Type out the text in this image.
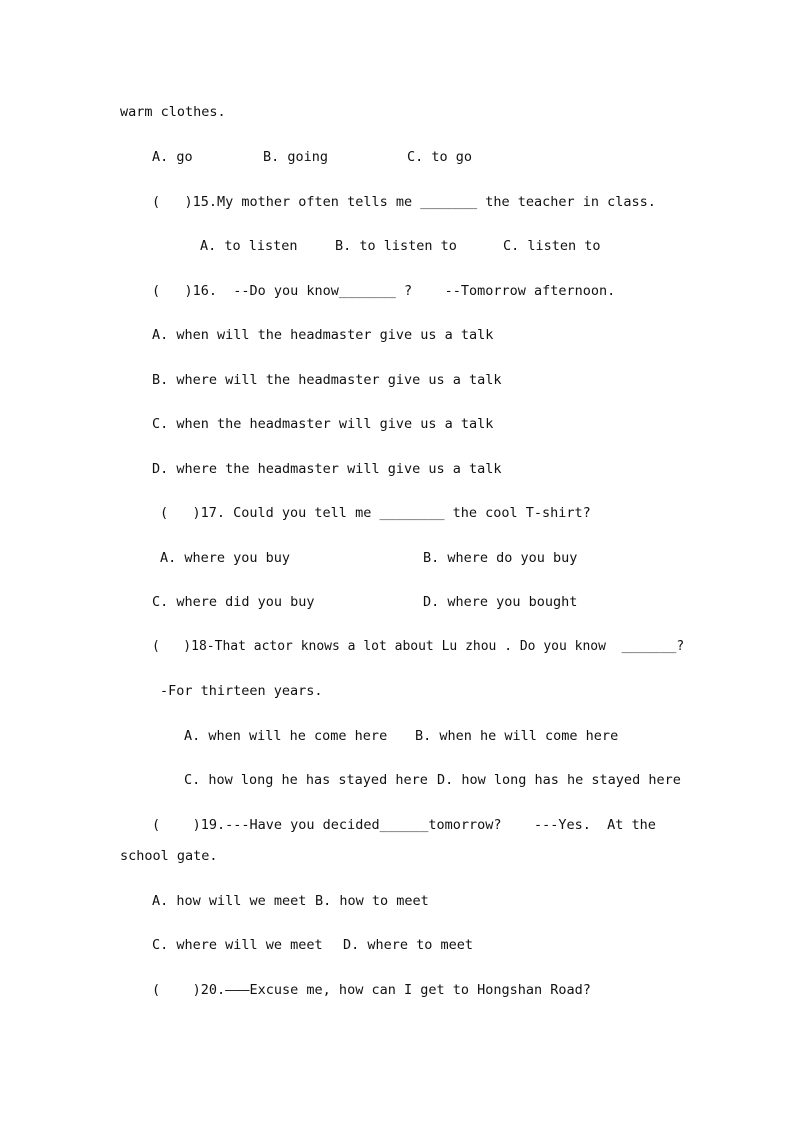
warm clothes.
A. go	B. going	C. to go
(   )15.My mother often tells me _______ the teacher in class.
A. to listen	B. to listen to	C. listen to
(   )16.  --Do you know_______ ?    --Tomorrow afternoon.
A. when will the headmaster give us a talk
B. where will the headmaster give us a talk
C. when the headmaster will give us a talk
D. where the headmaster will give us a talk
(   )17. Could you tell me ________ the cool T-shirt?
A. where you buy	B. where do you buy
C. where did you buy	D. where you bought
(   )18-That actor knows a lot about Lu zhou . Do you know  _______?
-For thirteen years.
A. when will he come here B. when he will come here
C. how long he has stayed here D. how long has he stayed here
(    )19.---Have you decided______tomorrow?    ---Yes.  At the
school gate.
A. how will we meet B. how to meet
C. where will we meet D. where to meet
(    )20.———Excuse me, how can I get to Hongshan Road?
